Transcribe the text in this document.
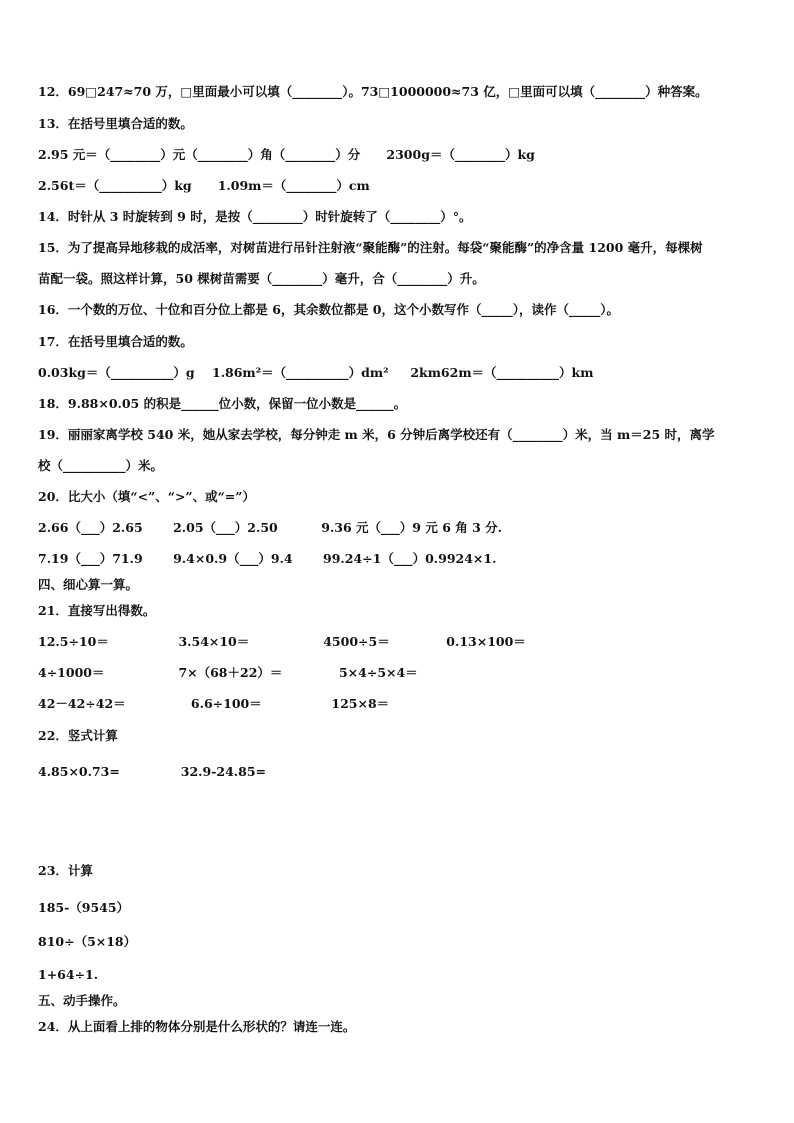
12．69□247≈70 万，□里面最小可以填（________）。73□1000000≈73 亿，□里面可以填（________）种答案。
13．在括号里填合适的数。
2.95 元＝（________）元（________）角（________）分      2300g＝（________）kg
2.56t＝（__________）kg      1.09m＝（________）cm
14．时针从 3 时旋转到 9 时，是按（________）时针旋转了（________）°。
15．为了提高异地移栽的成活率，对树苗进行吊针注射液“聚能酶”的注射。每袋“聚能酶”的净含量 1200 毫升，每棵树
苗配一袋。照这样计算，50 棵树苗需要（________）毫升，合（________）升。
16．一个数的万位、十位和百分位上都是 6，其余数位都是 0，这个小数写作（_____），读作（_____）。
17．在括号里填合适的数。
0.03kg＝（__________）g    1.86m²＝（__________）dm²     2km62m＝（__________）km
18．9.88×0.05 的积是______位小数，保留一位小数是______。
19．丽丽家离学校 540 米，她从家去学校，每分钟走 m 米，6 分钟后离学校还有（________）米，当 m＝25 时，离学
校（__________）米。
20．比大小（填“<”、“>”、或“=”）
2.66（___）2.65       2.05（___）2.50          9.36 元（___）9 元 6 角 3 分.
7.19（___）71.9       9.4×0.9（___）9.4       99.24÷1（___）0.9924×1.
四、细心算一算。
21．直接写出得数。
12.5÷10＝                3.54×10＝                 4500÷5＝             0.13×100＝
4÷1000＝                 7×（68＋22）＝             5×4÷5×4＝
42－42÷42＝               6.6÷100＝                125×8＝
22．竖式计算
4.85×0.73=              32.9-24.85=
23．计算
185-（9545）
810÷（5×18）
1+64÷1.
五、动手操作。
24．从上面看上排的物体分别是什么形状的？请连一连。
